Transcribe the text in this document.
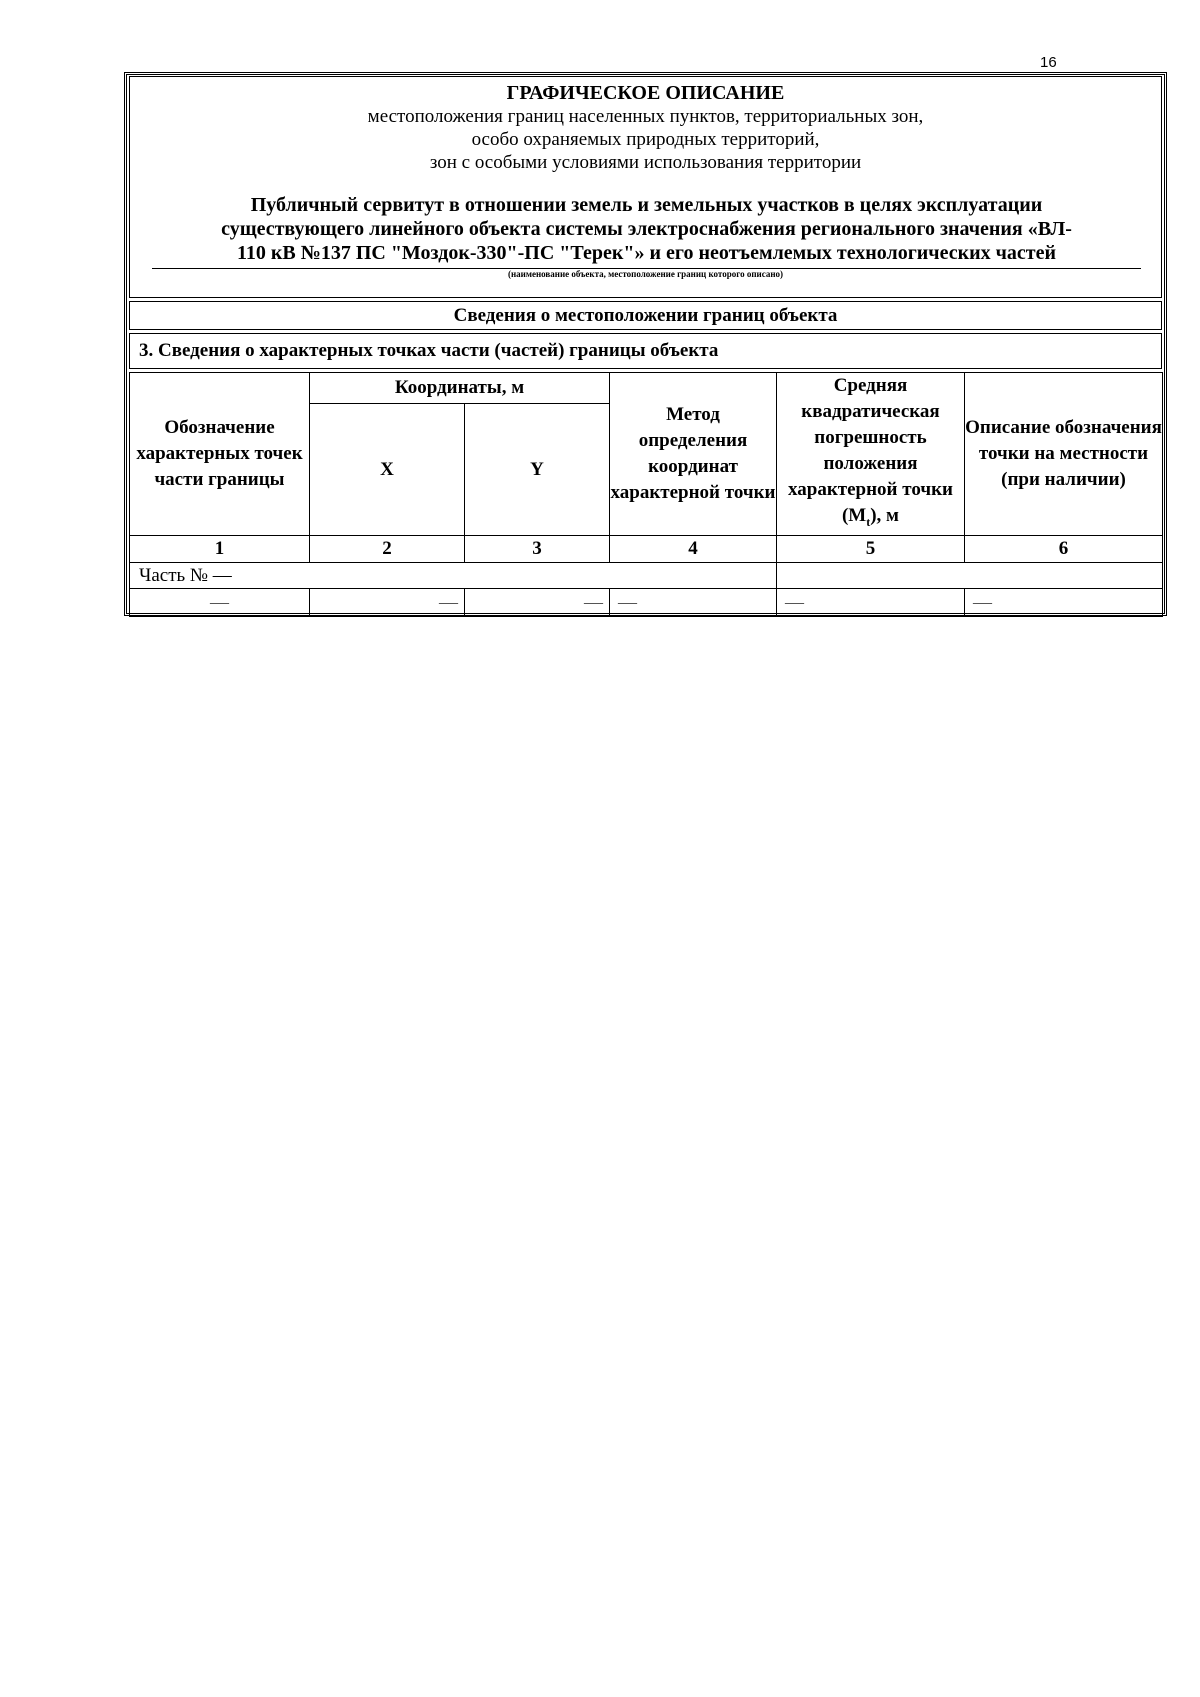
16
ГРАФИЧЕСКОЕ ОПИСАНИЕ
местоположения границ населенных пунктов, территориальных зон,
особо охраняемых природных территорий,
зон с особыми условиями использования территории
Публичный сервитут в отношении земель и земельных участков в целях эксплуатации
существующего линейного объекта системы электроснабжения регионального значения «ВЛ-
110 кВ №137 ПС "Моздок-330"-ПС "Терек"» и его неотъемлемых технологических частей
(наименование объекта, местоположение границ которого описано)
Сведения о местоположении границ объекта
3. Сведения о характерных точках части (частей) границы объекта
Обозначение характерных точек части границы	Координаты, м		Метод определения координат характерной точки	Средняя квадратическая погрешность положения характерной точки $(M_t)$, м	Описание обозначения точки на местности (при наличии)

	X	Y			
1	2	3	4	5	6
Часть № —					
—	—	—	—	—	—
